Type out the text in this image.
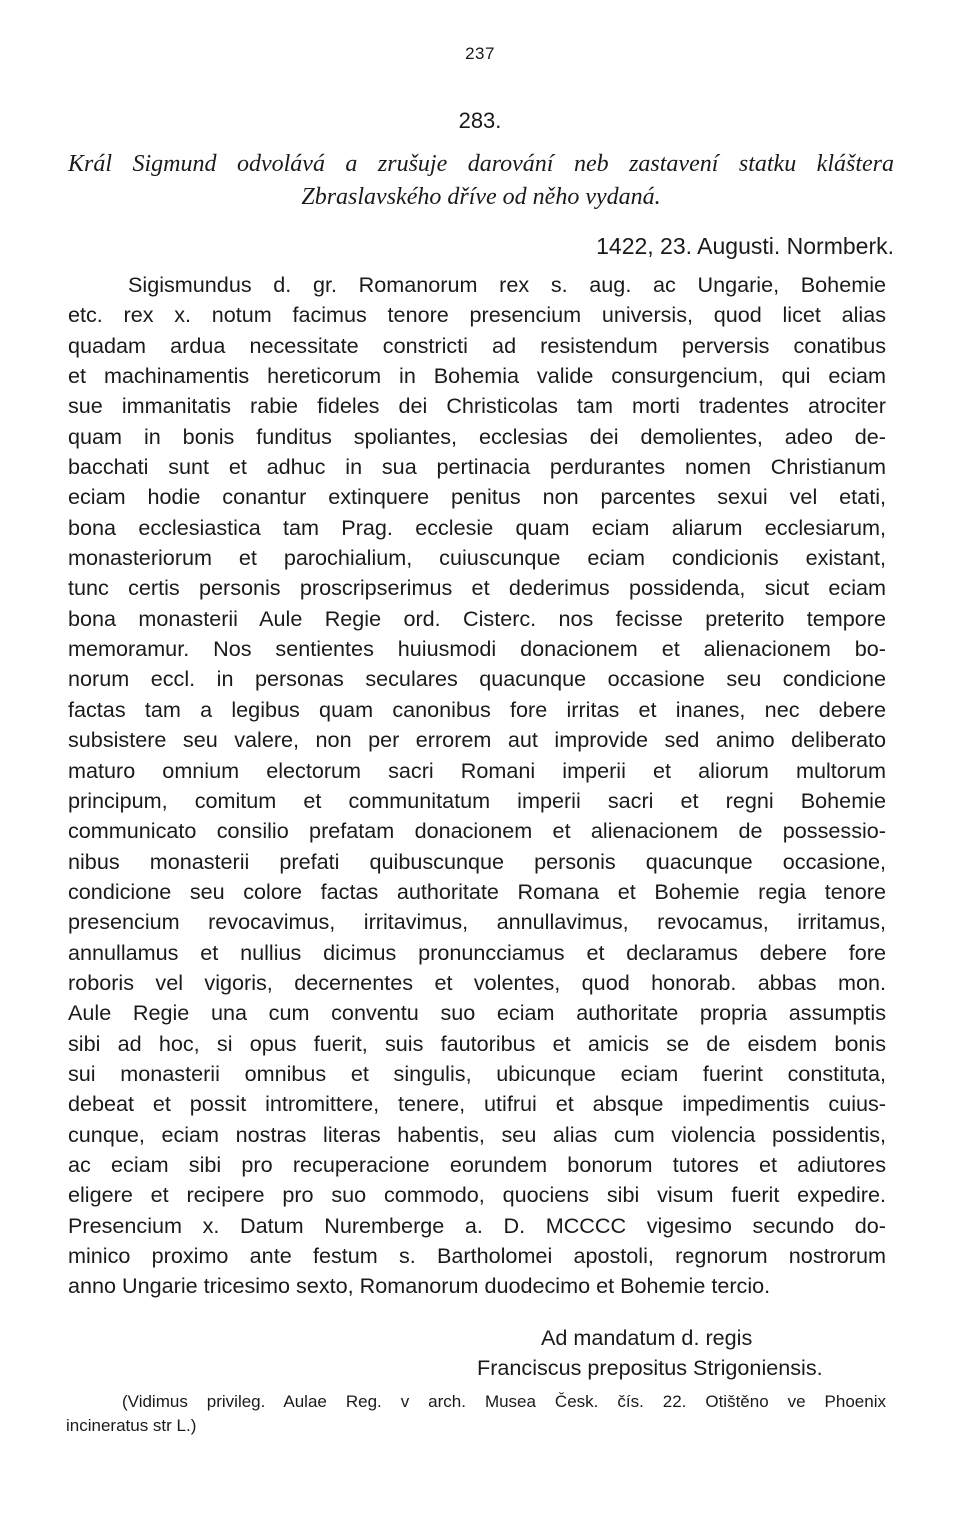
237
283.
Král Sigmund odvolává a zrušuje darování neb zastavení statku kláštera
Zbraslavského dříve od něho vydaná.
1422, 23. Augusti. Normberk.
Sigismundus d. gr. Romanorum rex s. aug. ac Ungarie, Bohemie
etc. rex x. notum facimus tenore presencium universis, quod licet alias
quadam ardua necessitate constricti ad resistendum perversis conatibus
et machinamentis hereticorum in Bohemia valide consurgencium, qui eciam
sue immanitatis rabie fideles dei Christicolas tam morti tradentes atrociter
quam in bonis funditus spoliantes, ecclesias dei demolientes, adeo de-
bacchati sunt et adhuc in sua pertinacia perdurantes nomen Christianum
eciam hodie conantur extinquere penitus non parcentes sexui vel etati,
bona ecclesiastica tam Prag. ecclesie quam eciam aliarum ecclesiarum,
monasteriorum et parochialium, cuiuscunque eciam condicionis existant,
tunc certis personis proscripserimus et dederimus possidenda, sicut eciam
bona monasterii Aule Regie ord. Cisterc. nos fecisse preterito tempore
memoramur. Nos sentientes huiusmodi donacionem et alienacionem bo-
norum eccl. in personas seculares quacunque occasione seu condicione
factas tam a legibus quam canonibus fore irritas et inanes, nec debere
subsistere seu valere, non per errorem aut improvide sed animo deliberato
maturo omnium electorum sacri Romani imperii et aliorum multorum
principum, comitum et communitatum imperii sacri et regni Bohemie
communicato consilio prefatam donacionem et alienacionem de possessio-
nibus monasterii prefati quibuscunque personis quacunque occasione,
condicione seu colore factas authoritate Romana et Bohemie regia tenore
presencium revocavimus, irritavimus, annullavimus, revocamus, irritamus,
annullamus et nullius dicimus pronuncciamus et declaramus debere fore
roboris vel vigoris, decernentes et volentes, quod honorab. abbas mon.
Aule Regie una cum conventu suo eciam authoritate propria assumptis
sibi ad hoc, si opus fuerit, suis fautoribus et amicis se de eisdem bonis
sui monasterii omnibus et singulis, ubicunque eciam fuerint constituta,
debeat et possit intromittere, tenere, utifrui et absque impedimentis cuius-
cunque, eciam nostras literas habentis, seu alias cum violencia possidentis,
ac eciam sibi pro recuperacione eorundem bonorum tutores et adiutores
eligere et recipere pro suo commodo, quociens sibi visum fuerit expedire.
Presencium x. Datum Nuremberge a. D. MCCCC vigesimo secundo do-
minico proximo ante festum s. Bartholomei apostoli, regnorum nostrorum
anno Ungarie tricesimo sexto, Romanorum duodecimo et Bohemie tercio.
Ad mandatum d. regis
Franciscus prepositus Strigoniensis.
(Vidimus privileg. Aulae Reg. v arch. Musea Česk. čís. 22. Otištěno ve Phoenix
incineratus str L.)
